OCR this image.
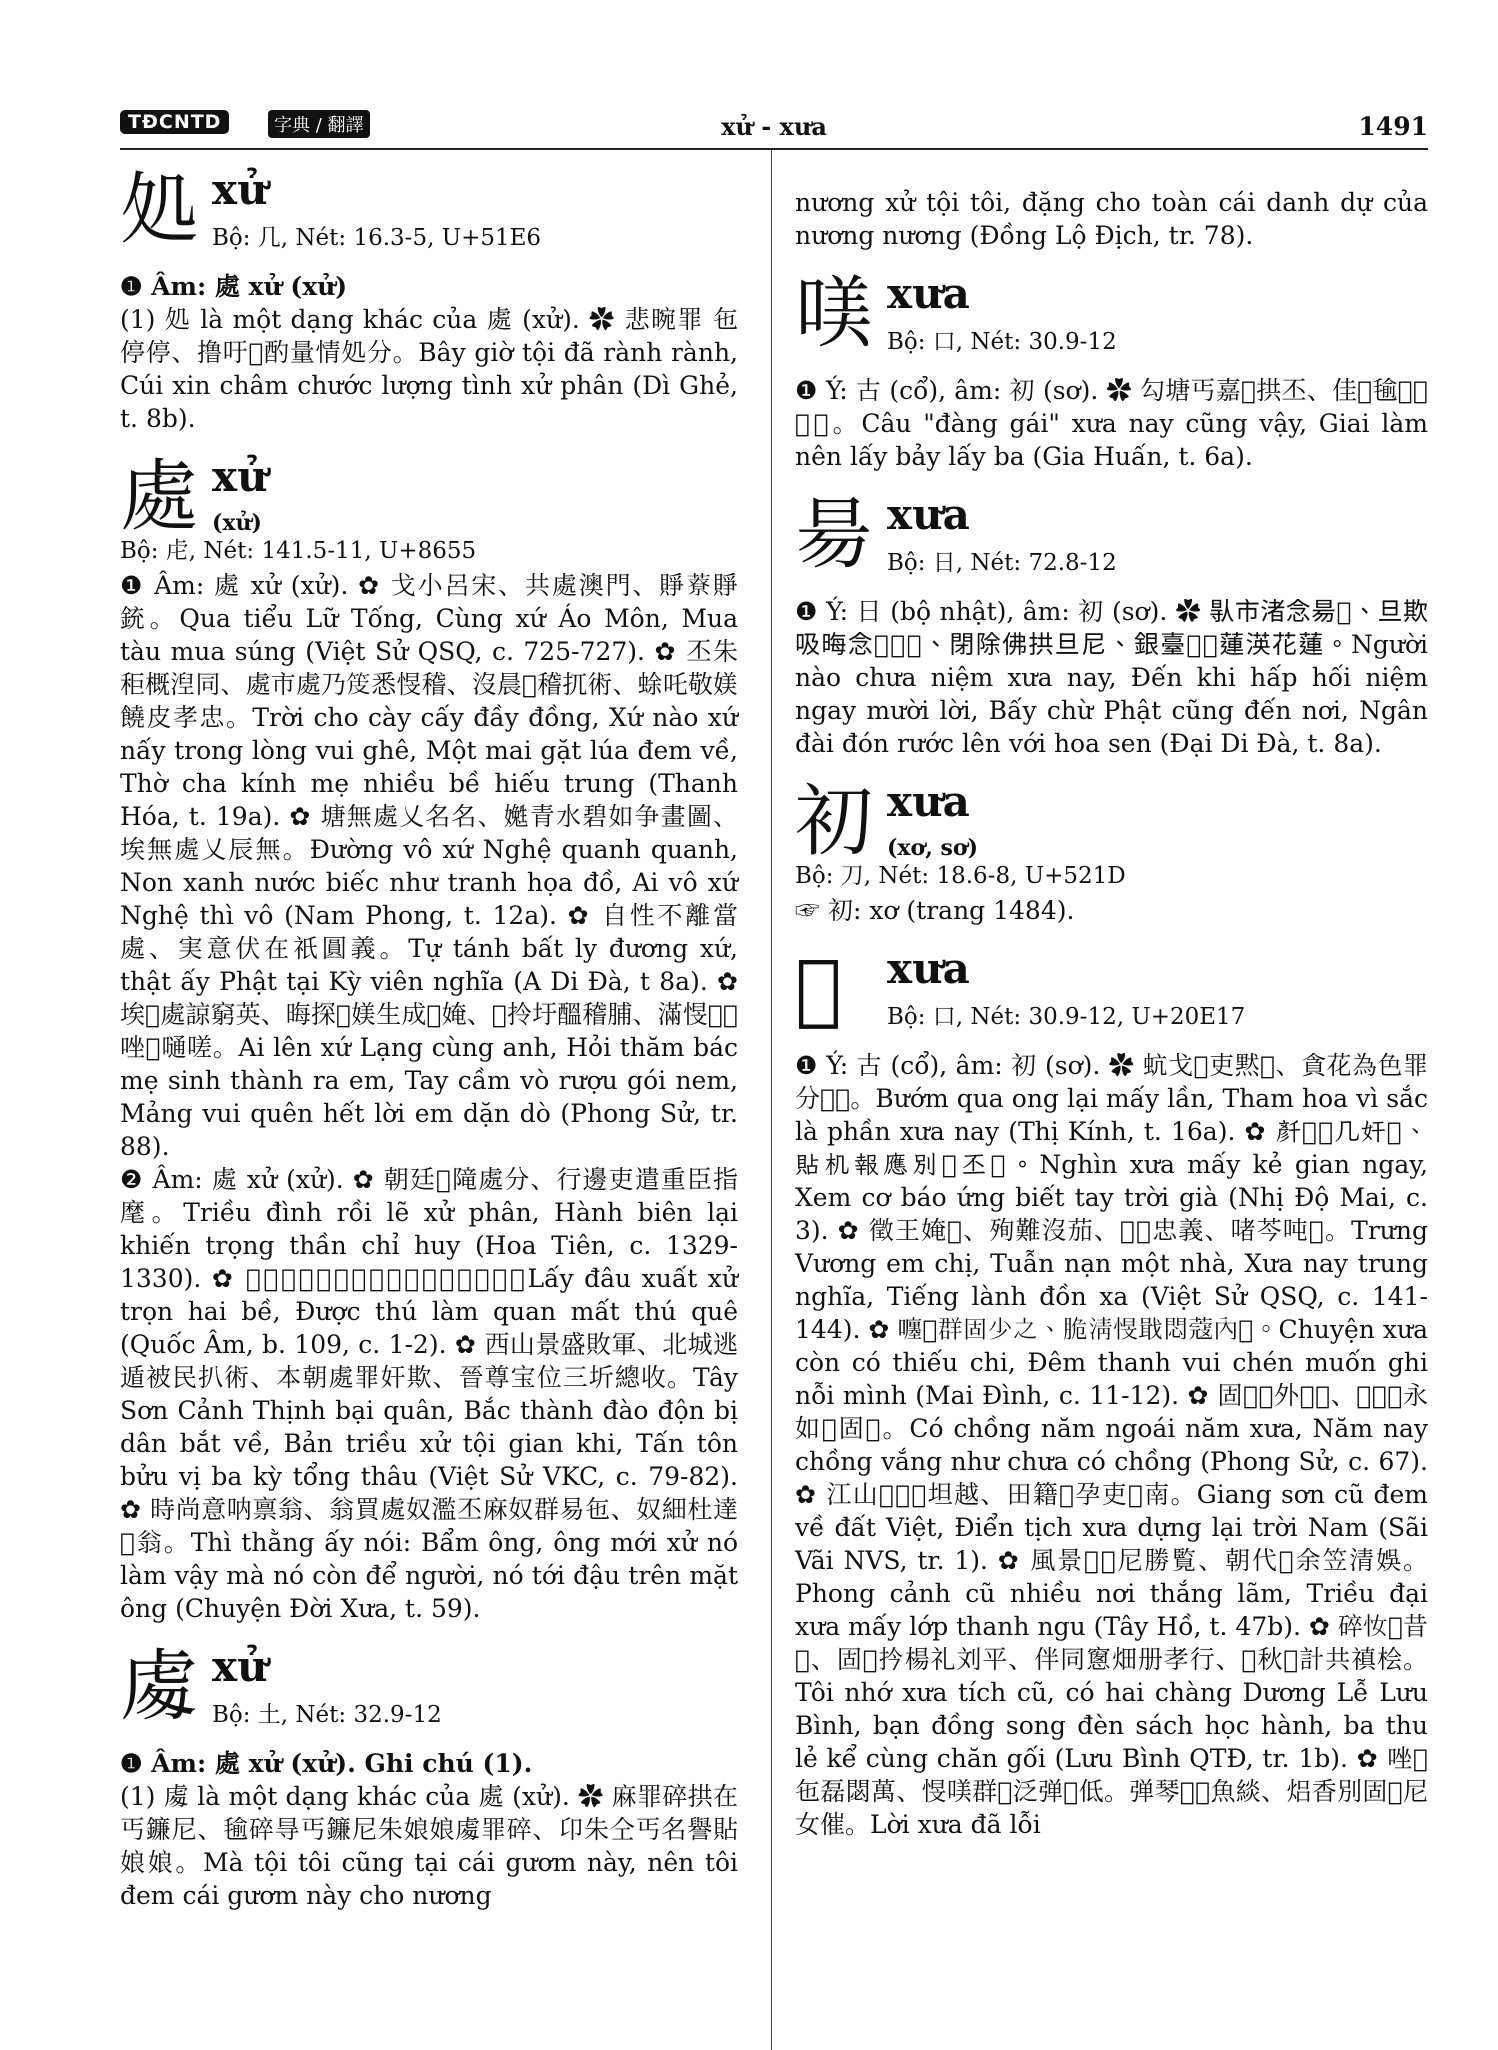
TĐCNTD	字典 / 翻譯	xử - xưa	1491
処 xử
Bộ: 几, Nét: 16.3-5, U+51E6

❶ Âm: 處 xử (xử)

(1) 処 là một dạng khác của 處 (xử). ✿ 悲晼罪 㐌停停、撸吁𦖑酌量情処分。Bây giờ tội đã rành rành, Cúi xin châm chước lượng tình xử phân (Dì Ghẻ, t. 8b).

處 xử
(xử)
Bộ: 虍, Nét: 141.5-11, U+8655

❶ Âm: 處 xử (xử). ✿ 戈小呂宋、共處澳門、𧶄𦼔𧶄銃。Qua tiểu Lữ Tống, Cùng xứ Áo Môn, Mua tàu mua súng (Việt Sử QSQ, c. 725-727). ✿ 丕朱秬概湼同、處市處乃𤿤悉㥗稽、沒晨𢯝稽扤術、蜍吒敬媄饒皮孝忠。Trời cho cày cấy đầy đồng, Xứ nào xứ nấy trong lòng vui ghê, Một mai gặt lúa đem về, Thờ cha kính mẹ nhiều bề hiếu trung (Thanh Hóa, t. 19a). ✿ 塘無處乂名名、嬔青水碧如争畫圖、埃無處乂辰無。Đường vô xứ Nghệ quanh quanh, Non xanh nước biếc như tranh họa đồ, Ai vô xứ Nghệ thì vô (Nam Phong, t. 12a). ✿ 自性不離當處、実意伏在祇圓義。Tự tánh bất ly đương xứ, thật ấy Phật tại Kỳ viên nghĩa (A Di Đà, t 8a). ✿ 埃𨖲處諒窮英、晦探𢘾媄生成𡥵㛪、𨔈拎圩醞稽脯、滿㥗𢯝𠲤唑𠸒嗵嗟。Ai lên xứ Lạng cùng anh, Hỏi thăm bác mẹ sinh thành ra em, Tay cầm vò rượu gói nem, Mảng vui quên hết lời em dặn dò (Phong Sử, tr. 88).

❷ Âm: 處 xử (xử). ✿ 朝廷𦋦𨻫處分、行邊吏遣重臣指麾。Triều đình rồi lẽ xử phân, Hành biên lại khiến trọng thần chỉ huy (Hoa Tiên, c. 1329-1330). ✿ 𢬣𠱊出處論𠃣皮、特趣𡗶官秩趣圭。Lấy đâu xuất xử trọn hai bề, Được thú làm quan mất thú quê (Quốc Âm, b. 109, c. 1-2). ✿ 西山景盛敗軍、北城逃遁被民扒術、本朝處罪奸欺、晉尊宝位三圻總收。Tây Sơn Cảnh Thịnh bại quân, Bắc thành đào độn bị dân bắt về, Bản triều xử tội gian khi, Tấn tôn bửu vị ba kỳ tổng thâu (Việt Sử VKC, c. 79-82). ✿ 時尚意呐禀翁、翁買處奴濫丕麻奴群易㐌、奴細杜達𡬈翁。Thì thằng ấy nói: Bẩm ông, ông mới xử nó làm vậy mà nó còn để người, nó tới đậu trên mặt ông (Chuyện Đời Xưa, t. 59).

䖏 xử
Bộ: 土, Nét: 32.9-12

❶ Âm: 處 xử (xử). Ghi chú (1).

(1) 䖏 là một dạng khác của 處 (xử). ✿ 麻罪碎拱在丐鐮尼、毺碎㝵丐鐮尼朱娘娘䖏罪碎、卬朱仝丐名譽貼娘娘。Mà tội tôi cũng tại cái gươm này, nên tôi đem cái gươm này cho nương

nương xử tội tôi, đặng cho toàn cái danh dự của nương nương (Đồng Lộ Địch, tr. 78).

𠸍 xưa
Bộ: 口, Nét: 30.9-12

❶ Ý: 古 (cổ), âm: 初 (sơ). ✿ 勾塘丐嘉𠺥拱丕、佳𡗶毺𥘷𠄩𥘷𠀧。Câu "đàng gái" xưa nay cũng vậy, Giai làm nên lấy bảy lấy ba (Gia Huấn, t. 6a).

昜 xưa
Bộ: 日, Nét: 72.8-12

❶ Ý: 日 (bộ nhật), âm: 初 (sơ). ✿ 𠊛市渚念昜𣈗、旦欺吸晦念𧦕𨖅𡛤、閉除佛拱旦尼、銀臺𨕭𨖅蓮渶花蓮。Người nào chưa niệm xưa nay, Đến khi hấp hối niệm ngay mười lời, Bấy chừ Phật cũng đến nơi, Ngân đài đón rước lên với hoa sen (Đại Di Đà, t. 8a).

初 xưa
(xơ, sơ)
Bộ: 刀, Nét: 18.6-8, U+521D

☞ 初: xơ (trang 1484).

𠸗 xưa
Bộ: 口, Nét: 30.9-12, U+20E17

❶ Ý: 古 (cổ), âm: 初 (sơ). ✿ 蚢戈𡗉吏黙𢈱、貪花為色罪分𠸗𣈗。Bướm qua ong lại mấy lần, Tham hoa vì sắc là phần xưa nay (Thị Kính, t. 16a). ✿ 𠦳𠸗𡗉几奸𣦍、貼机報應別𢬣丕𦓅。Nghìn xưa mấy kẻ gian ngay, Xem cơ báo ứng biết tay trời già (Nhị Độ Mai, c. 3). ✿ 徵王㛪𡛔、殉難沒茄、𠸗𣈗忠義、啫芩吨𠽮。Trưng Vương em chị, Tuẫn nạn một nhà, Xưa nay trung nghĩa, Tiếng lành đồn xa (Việt Sử QSQ, c. 141-144). ✿ 𡃚𠸗群固少之、脆清㥗戢悶蔻內𨉟。Chuyện xưa còn có thiếu chi, Đêm thanh vui chén muốn ghi nỗi mình (Mai Đình, c. 11-12). ✿ 固𠁀𢆥外𢆥𠸗、𢆥𣈗𠁀永如𦟐固𠁀。Có chồng năm ngoái năm xưa, Năm nay chồng vắng như chưa có chồng (Phong Sử, c. 67). ✿ 江山𡳵𠖈𣳔坦越、田籍𠸗孕吏𡗶南。Giang sơn cũ đem về đất Việt, Điển tịch xưa dựng lại trời Nam (Sãi Vãi NVS, tr. 1). ✿ 風景𡳵𢬭尼勝覧、朝代𠸗余笠清娛。Phong cảnh cũ nhiều nơi thắng lãm, Triều đại xưa mấy lớp thanh ngu (Tây Hồ, t. 47b). ✿ 碎𢖵𠸗昔𡳵、固𠄩扲楊礼刘平、伴同窻畑册孝行、𣈘秋𢬣計共禛桧。Tôi nhớ xưa tích cũ, có hai chàng Dương Lễ Lưu Bình, bạn đồng song đèn sách học hành, ba thu lẻ kể cùng chăn gối (Lưu Bình QTĐ, tr. 1b). ✿ 唑𠸗㐌磊閟萬、㥗𠸍群𡛔泛弹𢪀低。弹琴𥫊𦰤魚緂、焒香別固𠢞尼女催。Lời xưa đã lỗi
